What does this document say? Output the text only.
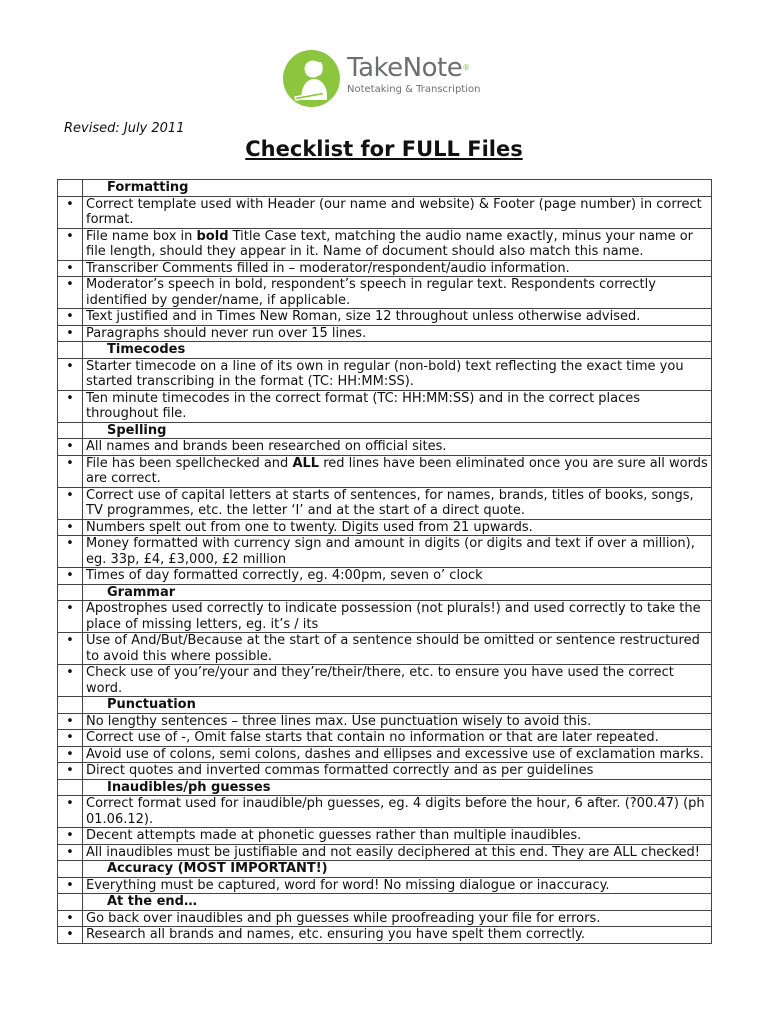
TakeNote®
Notetaking & Transcription
Revised: July 2011
Checklist for FULL Files
	Formatting
•	Correct template used with Header (our name and website) & Footer (page number) in correct format.
•	File name box in bold Title Case text, matching the audio name exactly, minus your name or file length, should they appear in it. Name of document should also match this name.
•	Transcriber Comments filled in – moderator/respondent/audio information.
•	Moderator’s speech in bold, respondent’s speech in regular text. Respondents correctly identified by gender/name, if applicable.
•	Text justified and in Times New Roman, size 12 throughout unless otherwise advised.
•	Paragraphs should never run over 15 lines.
	Timecodes
•	Starter timecode on a line of its own in regular (non-bold) text reflecting the exact time you started transcribing in the format (TC: HH:MM:SS).
•	Ten minute timecodes in the correct format (TC: HH:MM:SS) and in the correct places throughout file.
	Spelling
•	All names and brands been researched on official sites.
•	File has been spellchecked and ALL red lines have been eliminated once you are sure all words are correct.
•	Correct use of capital letters at starts of sentences, for names, brands, titles of books, songs, TV programmes, etc. the letter ‘I’ and at the start of a direct quote.
•	Numbers spelt out from one to twenty. Digits used from 21 upwards.
•	Money formatted with currency sign and amount in digits (or digits and text if over a million), eg. 33p, £4, £3,000, £2 million
•	Times of day formatted correctly, eg. 4:00pm, seven o’ clock
	Grammar
•	Apostrophes used correctly to indicate possession (not plurals!) and used correctly to take the place of missing letters, eg. it’s / its
•	Use of And/But/Because at the start of a sentence should be omitted or sentence restructured to avoid this where possible.
•	Check use of you’re/your and they’re/their/there, etc. to ensure you have used the correct word.
	Punctuation
•	No lengthy sentences – three lines max. Use punctuation wisely to avoid this.
•	Correct use of -, Omit false starts that contain no information or that are later repeated.
•	Avoid use of colons, semi colons, dashes and ellipses and excessive use of exclamation marks.
•	Direct quotes and inverted commas formatted correctly and as per guidelines
	Inaudibles/ph guesses
•	Correct format used for inaudible/ph guesses, eg. 4 digits before the hour, 6 after. (?00.47) (ph 01.06.12).
•	Decent attempts made at phonetic guesses rather than multiple inaudibles.
•	All inaudibles must be justifiable and not easily deciphered at this end. They are ALL checked!
	Accuracy (MOST IMPORTANT!)
•	Everything must be captured, word for word! No missing dialogue or inaccuracy.
	At the end…
•	Go back over inaudibles and ph guesses while proofreading your file for errors.
•	Research all brands and names, etc. ensuring you have spelt them correctly.
